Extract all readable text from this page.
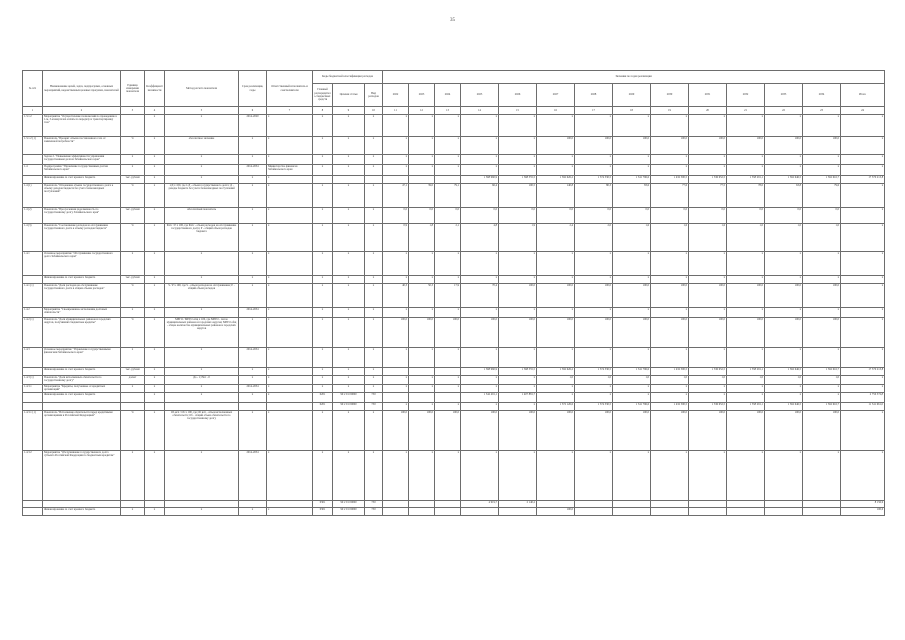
35
№ п/п	Наименование целей, задач, подпрограмм, основных мероприятий, ведомственных целевых программ, показателей	Единица измерения показателя	Коэффициент значимости	Метод расчета показателя	Срок реализации, годы	Ответственный исполнитель и соисполнители	Коды бюджетной классификации расходов			Значения по годам реализации														
							Главный распорядитель бюджетных средств	Целевая статья	Вид расходов	2022	2023	2024	2025	2026	2027	2028	2029	2030	2031	2032	2033	2034	Итого	
1	2	3	4	5	6	7	8	9	10	11	12	13	14	15	16	17	18	19	20	21	22	23	24	
1.3.1.2	Мероприятие "Осуществление полномочий по проведению в 1-м, 3-м кварталах оплаты за передачу и транспортировку газа"		х	х	2014-2020	х	х	х	х	х	х	х	х	х	х	х	х	х	х	х	х	х	х	
1.3.1.2 (1)	Показатель "Процент объема поставленного газа от заявленной потребности"	%	х	абсолютное значение	х	х	х	х	х	х	х	х	х	х	100,0	100,0	100,0	100,0	100,0	100,0	100,0	100,0	х	
	Задача 2. "Повышение эффективности управления государственным долгом Забайкальского края"	х	х	х	х	х	х	х	х	х	х	х	х	х	х	х	х	х	х	х	х	х	х	
1.4	Подпрограмма "Управление государственным долгом Забайкальского края"	х	х	х	2014-2034	Министерство финансов Забайкальского края	х	х	х	х	х	х	х	х	х	х	х	х	х	х	х	х	х	
	Финансирование за счет краевого бюджета	тыс. рублей	х	х	х	х							1 368 960,9	1 368 355,5	1 392 626,2	1 374 330,5	1 341 796,6	1 432 500,5	1 336 652,5	1 358 291,1	1 362 646,5	1 562 616,7	17 570 213,8	
1.4 (1)	Показатель "Отношение объема государственного долга к объему доходов бюджета без учета безвозмездных поступлений"	%	х	1/Д х 100, где 1/Д - объем государственного долга; Д - доходы бюджета без учета безвозмездных поступлений	х	х	х	х	х	47,1	39,0	79,1	66,4	100,5	140,8	80,3	83,6	77,6	77,5	78,0	63,8	79,6	х	
1.4 (2)	Показатель "Просроченная задолженность по государственному долгу Забайкальского края"	тыс. рублей	х	Абсолютный показатель	х	х	х	х	х	0,0	0,0	0,0	0,0	0,0	0,0	0,0	0,0	0,0	0,0	0,0	0,0	0,0	х	
1.4 (3)	Показатель "Соотношение расходов на обслуживание государственного долга к объему расходов бюджета"	%	х	Робс / Р х 100, где Робс - объем расходов на обслуживание государственного долга; Р - общий объем расходов бюджета	х	х	х	х	х	0,9	1,8	2,1	4,8	1,9	2,4	2,0	1,6	1,6	1,6	1,0	1,0	1,0	х	
1.4.1	Основное мероприятие "Обслуживание государственного долга Забайкальского края"	х	х	х	х	х	х	х	х	х	х	х	х	х	х	х	х	х	х	х	х	х	х	
	Финансирование за счет краевого бюджета	тыс. рублей	х	х	х	х	х	х	х	х	х	х	х	х	х	х	х	х	х	х	х	х	х	
1.4.1 (1)	Показатель "Доля расходов на обслуживание государственного долга в общем объеме расходов"	%	х	S / Р х 100, где S - объем расходов на обслуживание; Р - общий объем расходов	х	х	х	х	х	40,3	50,3	17,9	70,4	100,0	100,0	100,0	100,0	100,0	100,0	100,0	100,0	100,0	х	
1.4.2	Мероприятие "Своевременное исполнение долговых обязательств"	х	х	х	2014-2034	х	х	х	х	х	х	х	х	х	х	х	х	х	х	х	х	х	х	
1.4.2 (1)	Показатель "Доля муниципальных районов и городских округов, получивших бюджетные кредиты"	%	х	МРГО / МРГО общ х 100, где МРГО - число муниципальных районов и городских округов; МРГО общ - общее количество муниципальных районов и городских округов	х	х	х	х	х	100,0	100,0	100,0	100,0	100,0	100,0	100,0	100,0	100,0	100,0	100,0	100,0	100,0	х	
1.4.3	Основное мероприятие "Управление государственными финансами Забайкальского края"	х	х	х	2014-2034	х	х	х	х	х	х	х	х	х	х	х	х	х	х	х	х	х	х	
	Финансирование за счет краевого бюджета	тыс. рублей	х	х	х	х	х	х	х				1 368 960,9	1 368 355,5	1 392 626,2	1 374 330,5	1 341 796,6	1 432 500,5	1 336 652,5	1 358 291,1	1 362 646,5	1 562 616,7	17 570 213,8	
1.4.3 (1)	Показатель "Доля исполненных обязательств по государственному долгу"	да/нет	х	Да - 1; Нет - 0	х	х	х	х	х	х	х	х	х	х	1,0	1,0	1,0	1,0	1,0	1,0	1,0	1,0	х	
1.4.3.1	Мероприятие "Кредиты, полученные от кредитных организаций"	х	х	х	2014-2034	х	х	х	х	х	х	х	х	х	х	х	х	х	х	х	х	х	х	
	Финансирование за счет краевого бюджета		х	х	х	х	0201	99 2 01 00000	730				1 342 491,1	1 407 881,7	х	х	х	х	х	х	х	х	2 750 372,8	
							0201	99 2 01 00000	730	х	х	х	х	х	1 372 126,6	1 374 330,5	1 341 796,6	1 432 500,5	1 336 652,5	1 358 291,1	1 362 646,5	1 562 616,7	11 541 661,0	
1.4.3.1 (1)	Показатель "Исполнение обязательств перед кредитными организациями и Российской Федерацией"	%	х	Об исп / Об х 100, где Об исп - объем исполненных обязательств; Об - общий объем обязательств по государственному долгу	х	х	х	х	х	100,0	100,0	100,0	100,0	100,0	100,0	100,0	100,0	100,0	100,0	100,0	100,0	100,0	х	
1.4.3.2	Мероприятие "Обслуживание государственного долга субъекта Российской Федерации по бюджетным кредитам"	х	х	х	2014-2034	х	х	х	х	х	х	х	х	х	х	х	х	х	х	х	х	х	х	
							0301	99 2 01 00000	730				4 919,7	2 140,2									8 156,9	
	Финансирование за счет краевого бюджета	х	х	х	х	х	0301	99 2 01 00000	730						100,0								100,0	
